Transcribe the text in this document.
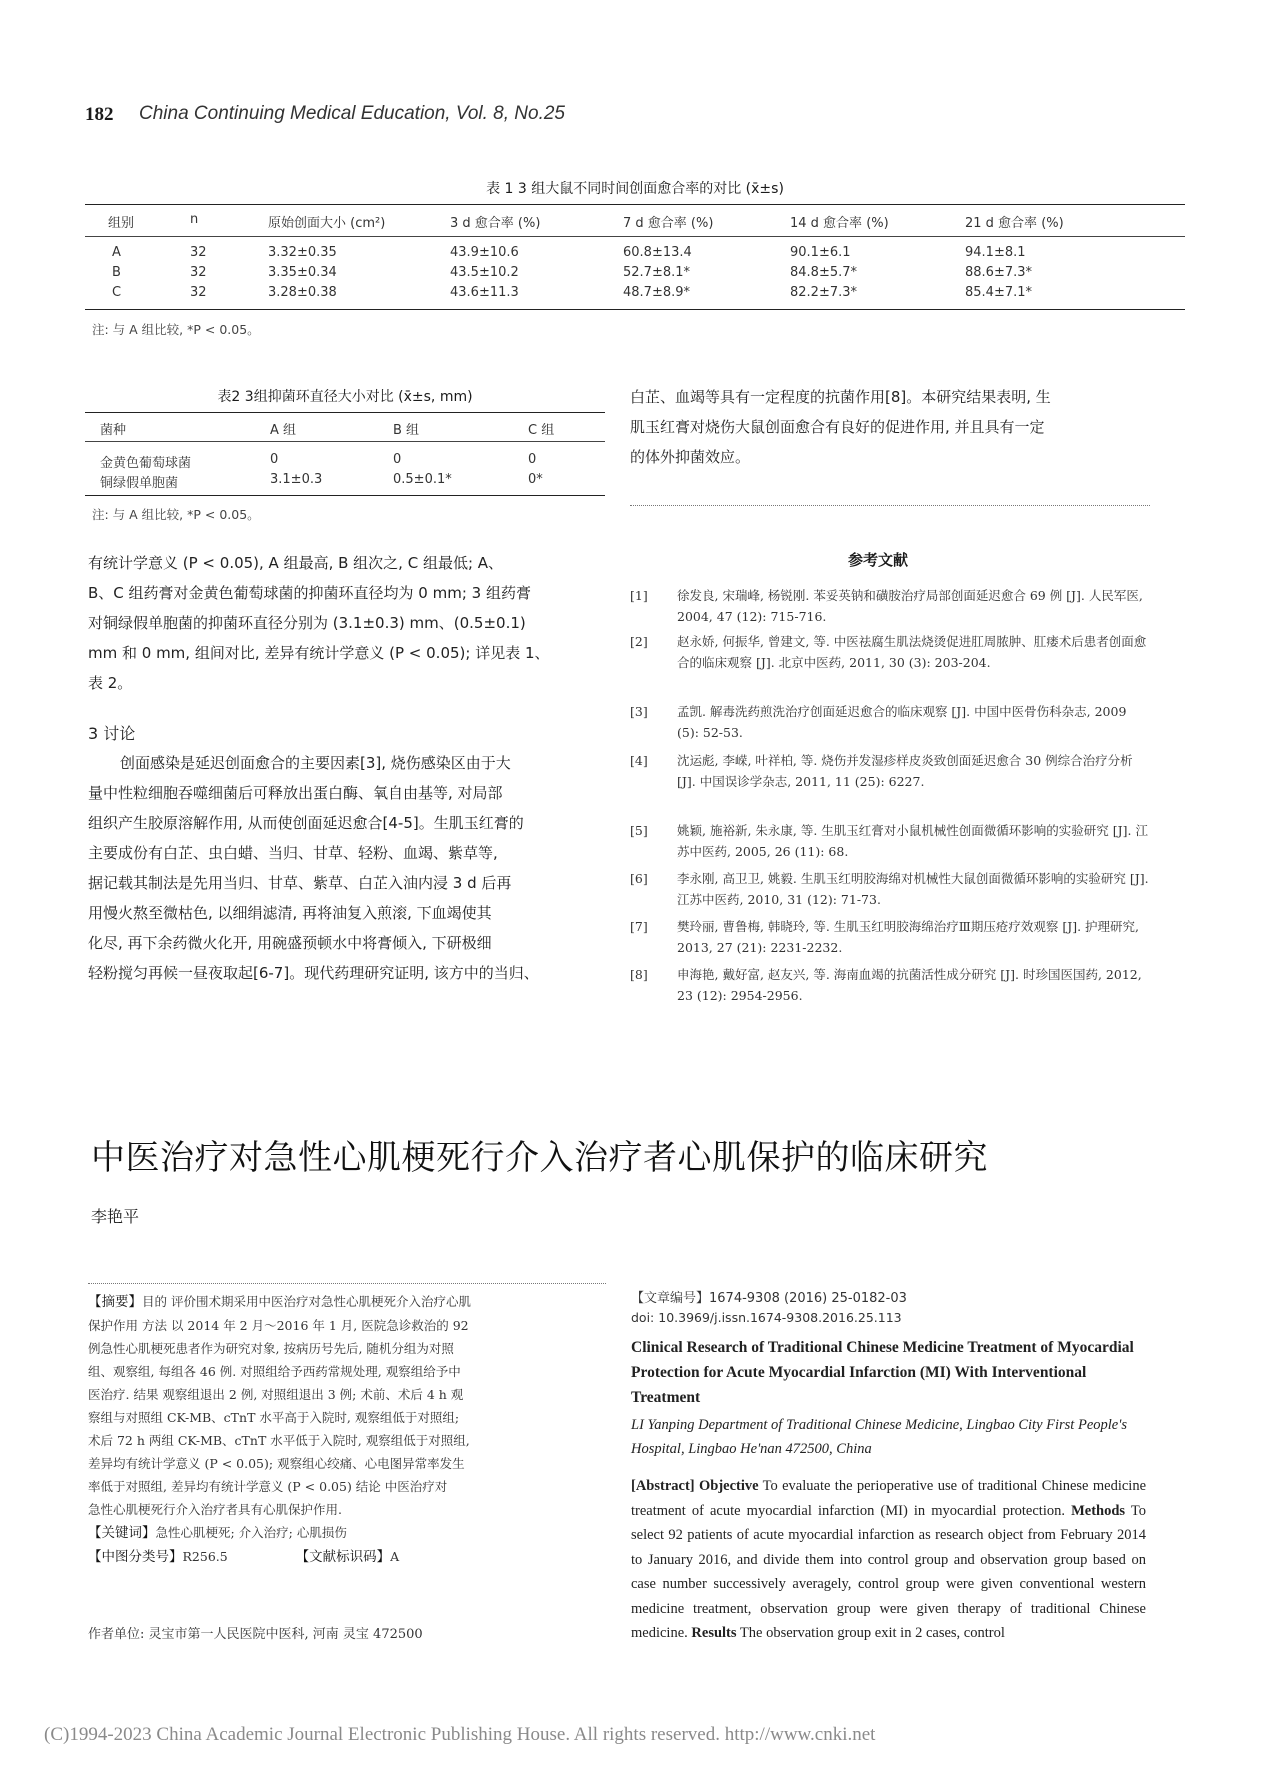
182 China Continuing Medical Education, Vol. 8, No.25
表 1 3 组大鼠不同时间创面愈合率的对比 (x̄±s)
组别	n	原始创面大小 (cm²)	3 d 愈合率 (%)	7 d 愈合率 (%)	14 d 愈合率 (%)	21 d 愈合率 (%)
A	32	3.32±0.35	43.9±10.6	60.8±13.4	90.1±6.1	94.1±8.1
B	32	3.35±0.34	43.5±10.2	52.7±8.1*	84.8±5.7*	88.6±7.3*
C	32	3.28±0.38	43.6±11.3	48.7±8.9*	82.2±7.3*	85.4±7.1*
注: 与 A 组比较, *P < 0.05。
表2 3组抑菌环直径大小对比 (x̄±s, mm)
菌种	A 组	B 组	C 组
金黄色葡萄球菌	0	0	0
铜绿假单胞菌	3.1±0.3	0.5±0.1*	0*
注: 与 A 组比较, *P < 0.05。
有统计学意义 (P < 0.05), A 组最高, B 组次之, C 组最低; A、
B、C 组药膏对金黄色葡萄球菌的抑菌环直径均为 0 mm; 3 组药膏
对铜绿假单胞菌的抑菌环直径分别为 (3.1±0.3) mm、(0.5±0.1)
mm 和 0 mm, 组间对比, 差异有统计学意义 (P < 0.05); 详见表 1、
表 2。
3 讨论
创面感染是延迟创面愈合的主要因素[3], 烧伤感染区由于大
量中性粒细胞吞噬细菌后可释放出蛋白酶、氧自由基等, 对局部
组织产生胶原溶解作用, 从而使创面延迟愈合[4-5]。生肌玉红膏的
主要成份有白芷、虫白蜡、当归、甘草、轻粉、血竭、紫草等,
据记载其制法是先用当归、甘草、紫草、白芷入油内浸 3 d 后再
用慢火熬至微枯色, 以细绢滤清, 再将油复入煎滚, 下血竭使其
化尽, 再下余药微火化开, 用碗盛预顿水中将膏倾入, 下研极细
轻粉搅匀再候一昼夜取起[6-7]。现代药理研究证明, 该方中的当归、
白芷、血竭等具有一定程度的抗菌作用[8]。本研究结果表明, 生
肌玉红膏对烧伤大鼠创面愈合有良好的促进作用, 并且具有一定
的体外抑菌效应。
参考文献
[1]	徐发良, 宋瑞峰, 杨锐刚. 苯妥英钠和磺胺治疗局部创面延迟愈合 69 例 [J]. 人民军医, 2004, 47 (12): 715-716.
[2]	赵永娇, 何振华, 曾建文, 等. 中医祛腐生肌法烧烫促进肛周脓肿、肛瘘术后患者创面愈合的临床观察 [J]. 北京中医药, 2011, 30 (3): 203-204.
[3]	孟凯. 解毒洗药煎洗治疗创面延迟愈合的临床观察 [J]. 中国中医骨伤科杂志, 2009 (5): 52-53.
[4]	沈运彪, 李嵘, 叶祥柏, 等. 烧伤并发湿疹样皮炎致创面延迟愈合 30 例综合治疗分析 [J]. 中国误诊学杂志, 2011, 11 (25): 6227.
[5]	姚颖, 施裕新, 朱永康, 等. 生肌玉红膏对小鼠机械性创面微循环影响的实验研究 [J]. 江苏中医药, 2005, 26 (11): 68.
[6]	李永刚, 高卫卫, 姚毅. 生肌玉红明胶海绵对机械性大鼠创面微循环影响的实验研究 [J]. 江苏中医药, 2010, 31 (12): 71-73.
[7]	樊玲丽, 曹鲁梅, 韩晓玲, 等. 生肌玉红明胶海绵治疗Ⅲ期压疮疗效观察 [J]. 护理研究, 2013, 27 (21): 2231-2232.
[8]	申海艳, 戴好富, 赵友兴, 等. 海南血竭的抗菌活性成分研究 [J]. 时珍国医国药, 2012, 23 (12): 2954-2956.
中医治疗对急性心肌梗死行介入治疗者心肌保护的临床研究
李艳平
【摘要】目的 评价围术期采用中医治疗对急性心肌梗死介入治疗心肌
保护作用 方法 以 2014 年 2 月～2016 年 1 月, 医院急诊救治的 92
例急性心肌梗死患者作为研究对象, 按病历号先后, 随机分组为对照
组、观察组, 每组各 46 例. 对照组给予西药常规处理, 观察组给予中
医治疗. 结果 观察组退出 2 例, 对照组退出 3 例; 术前、术后 4 h 观
察组与对照组 CK-MB、cTnT 水平高于入院时, 观察组低于对照组;
术后 72 h 两组 CK-MB、cTnT 水平低于入院时, 观察组低于对照组,
差异均有统计学意义 (P < 0.05); 观察组心绞痛、心电图异常率发生
率低于对照组, 差异均有统计学意义 (P < 0.05) 结论 中医治疗对
急性心肌梗死行介入治疗者具有心肌保护作用.
【关键词】急性心肌梗死; 介入治疗; 心肌损伤
【中图分类号】R256.5	【文献标识码】A
作者单位: 灵宝市第一人民医院中医科, 河南 灵宝 472500
【文章编号】1674-9308 (2016) 25-0182-03
doi: 10.3969/j.issn.1674-9308.2016.25.113
Clinical Research of Traditional Chinese Medicine Treatment of Myocardial Protection for Acute Myocardial Infarction (MI) With Interventional Treatment
LI Yanping Department of Traditional Chinese Medicine, Lingbao City First People's Hospital, Lingbao He'nan 472500, China
[Abstract] Objective To evaluate the perioperative use of traditional Chinese medicine treatment of acute myocardial infarction (MI) in myocardial protection. Methods To select 92 patients of acute myocardial infarction as research object from February 2014 to January 2016, and divide them into control group and observation group based on case number successively averagely, control group were given conventional western medicine treatment, observation group were given therapy of traditional Chinese medicine. Results The observation group exit in 2 cases, control
(C)1994-2023 China Academic Journal Electronic Publishing House. All rights reserved. http://www.cnki.net
